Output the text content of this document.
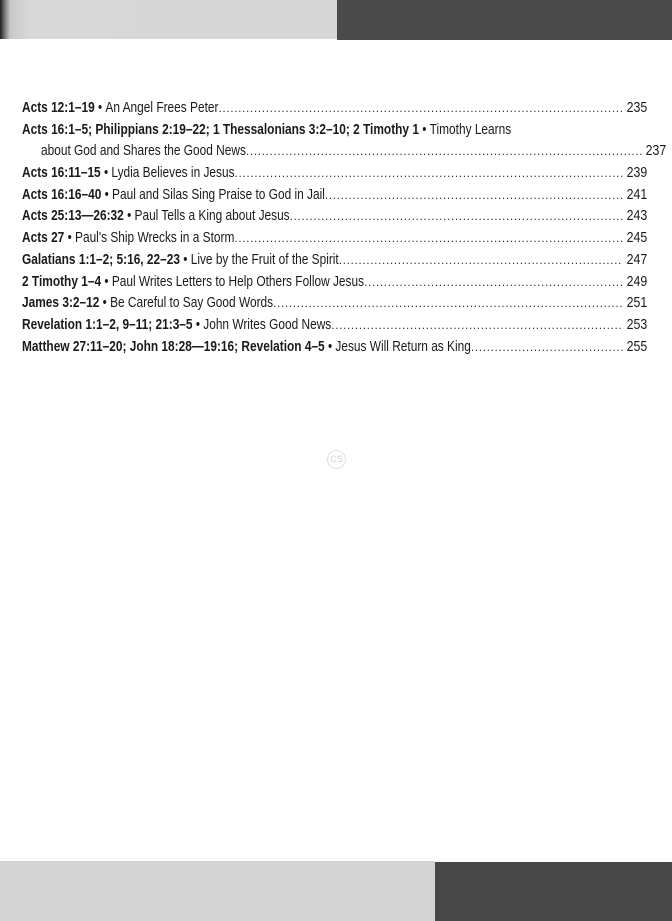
Acts 12:1–19 • An Angel Frees Peter .....	235
Acts 16:1–5; Philippians 2:19–22; 1 Thessalonians 3:2–10; 2 Timothy 1 • Timothy Learns
about God and Shares the Good News .....	237
Acts 16:11–15 • Lydia Believes in Jesus .....	239
Acts 16:16–40 • Paul and Silas Sing Praise to God in Jail .....	241
Acts 25:13—26:32 • Paul Tells a King about Jesus .....	243
Acts 27 • Paul's Ship Wrecks in a Storm .....	245
Galatians 1:1–2; 5:16, 22–23 • Live by the Fruit of the Spirit .....	247
2 Timothy 1–4 • Paul Writes Letters to Help Others Follow Jesus .....	249
James 3:2–12 • Be Careful to Say Good Words .....	251
Revelation 1:1–2, 9–11; 21:3–5 • John Writes Good News .....	253
Matthew 27:11–20; John 18:28—19:16; Revelation 4–5 • Jesus Will Return as King .....	255
CS
